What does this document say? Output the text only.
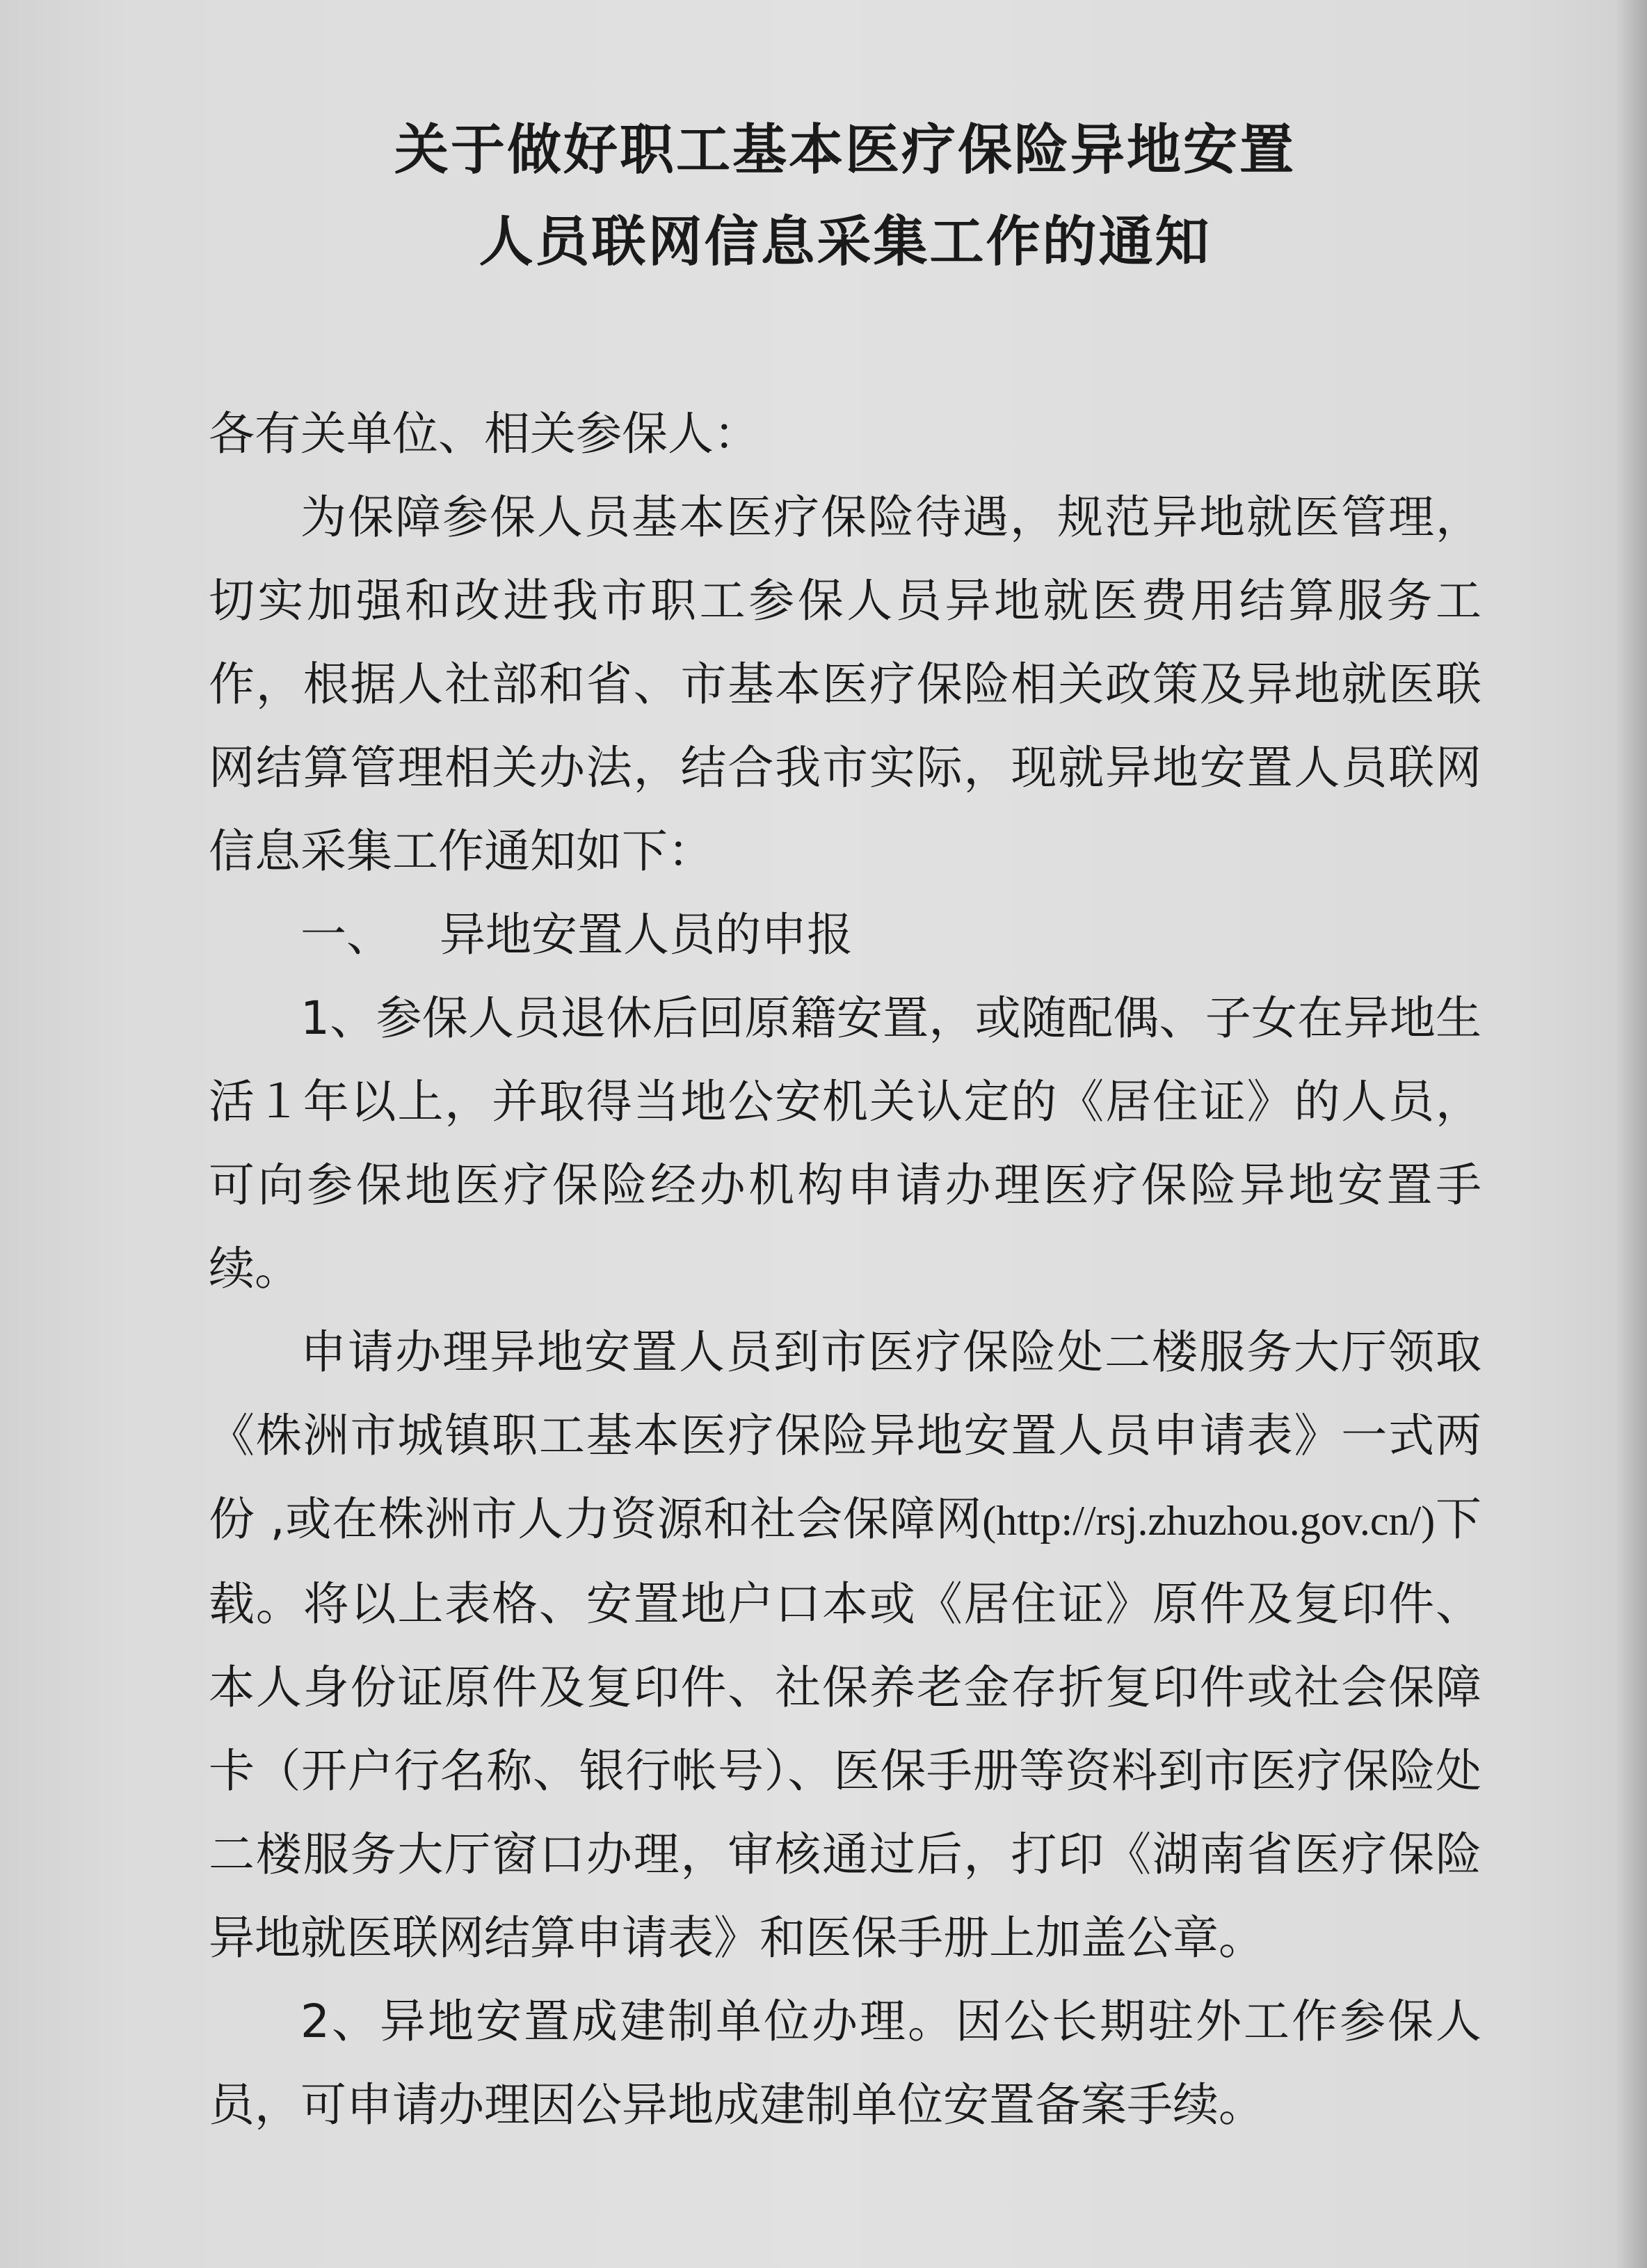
关于做好职工基本医疗保险异地安置
人员联网信息采集工作的通知

各有关单位、相关参保人：

为保障参保人员基本医疗保险待遇，规范异地就医管理，切实加强和改进我市职工参保人员异地就医费用结算服务工作，根据人社部和省、市基本医疗保险相关政策及异地就医联网结算管理相关办法，结合我市实际，现就异地安置人员联网信息采集工作通知如下：

一、 异地安置人员的申报

1、参保人员退休后回原籍安置，或随配偶、子女在异地生活１年以上，并取得当地公安机关认定的《居住证》的人员，可向参保地医疗保险经办机构申请办理医疗保险异地安置手续。

申请办理异地安置人员到市医疗保险处二楼服务大厅领取《株洲市城镇职工基本医疗保险异地安置人员申请表》一式两份 ,或在株洲市人力资源和社会保障网(http://rsj.zhuzhou.gov.cn/)下载。将以上表格、安置地户口本或《居住证》原件及复印件、本人身份证原件及复印件、社保养老金存折复印件或社会保障卡（开户行名称、银行帐号）、医保手册等资料到市医疗保险处二楼服务大厅窗口办理，审核通过后，打印《湖南省医疗保险异地就医联网结算申请表》和医保手册上加盖公章。

2、异地安置成建制单位办理。因公长期驻外工作参保人员，可申请办理因公异地成建制单位安置备案手续。
